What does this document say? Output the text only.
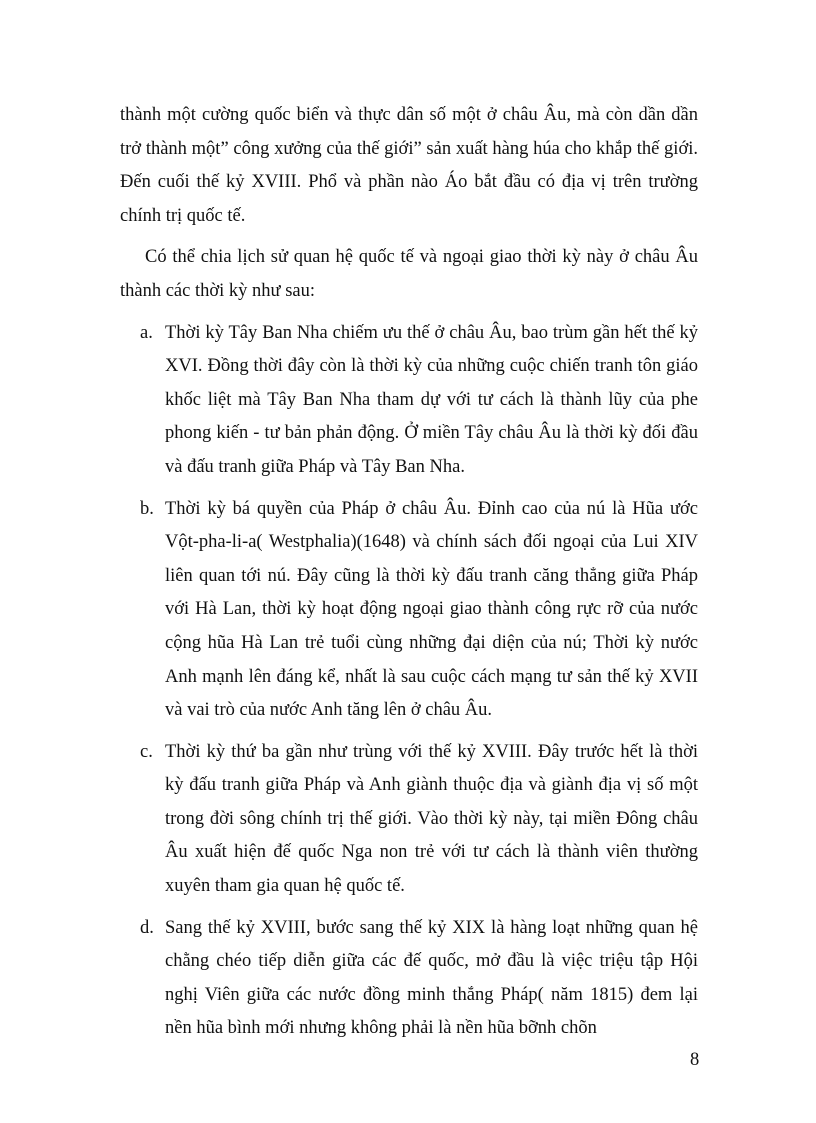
thành một cường quốc biển và thực dân số một ở châu Âu, mà còn dần dần trở thành một” công xưởng của thế giới” sản xuất hàng húa cho khắp thế giới. Đến cuối thế kỷ XVIII. Phổ và phần nào Áo bắt đầu có địa vị trên trường chính trị quốc tế.

Có thể chia lịch sử quan hệ quốc tế và ngoại giao thời kỳ này ở châu Âu thành các thời kỳ như sau:

a. Thời kỳ Tây Ban Nha chiếm ưu thế ở châu Âu, bao trùm gần hết thế kỷ XVI. Đồng thời đây còn là thời kỳ của những cuộc chiến tranh tôn giáo khốc liệt mà Tây Ban Nha tham dự với tư cách là thành lũy của phe phong kiến - tư bản phản động. Ở miền Tây châu Âu là thời kỳ đối đầu và đấu tranh giữa Pháp và Tây Ban Nha.
b. Thời kỳ bá quyền của Pháp ở châu Âu. Đỉnh cao của nú là Hũa ước Vột-pha-li-a( Westphalia)(1648) và chính sách đối ngoại của Lui XIV liên quan tới nú. Đây cũng là thời kỳ đấu tranh căng thẳng giữa Pháp với Hà Lan, thời kỳ hoạt động ngoại giao thành công rực rỡ của nước cộng hũa Hà Lan trẻ tuổi cùng những đại diện của nú; Thời kỳ nước Anh mạnh lên đáng kể, nhất là sau cuộc cách mạng tư sản thế kỷ XVII và vai trò của nước Anh tăng lên ở châu Âu.
c. Thời kỳ thứ ba gần như trùng với thế kỷ XVIII. Đây trước hết là thời kỳ đấu tranh giữa Pháp và Anh giành thuộc địa và giành địa vị số một trong đời sông chính trị thế giới. Vào thời kỳ này, tại miền Đông châu Âu xuất hiện đế quốc Nga non trẻ với tư cách là thành viên thường xuyên tham gia quan hệ quốc tế.
d. Sang thế kỷ XVIII, bước sang thế kỷ XIX là hàng loạt những quan hệ chằng chéo tiếp diễn giữa các đế quốc, mở đầu là việc triệu tập Hội nghị Viên giữa các nước đồng minh thắng Pháp( năm 1815) đem lại nền hũa bình mới nhưng không phải là nền hũa bỡnh chõn
8
